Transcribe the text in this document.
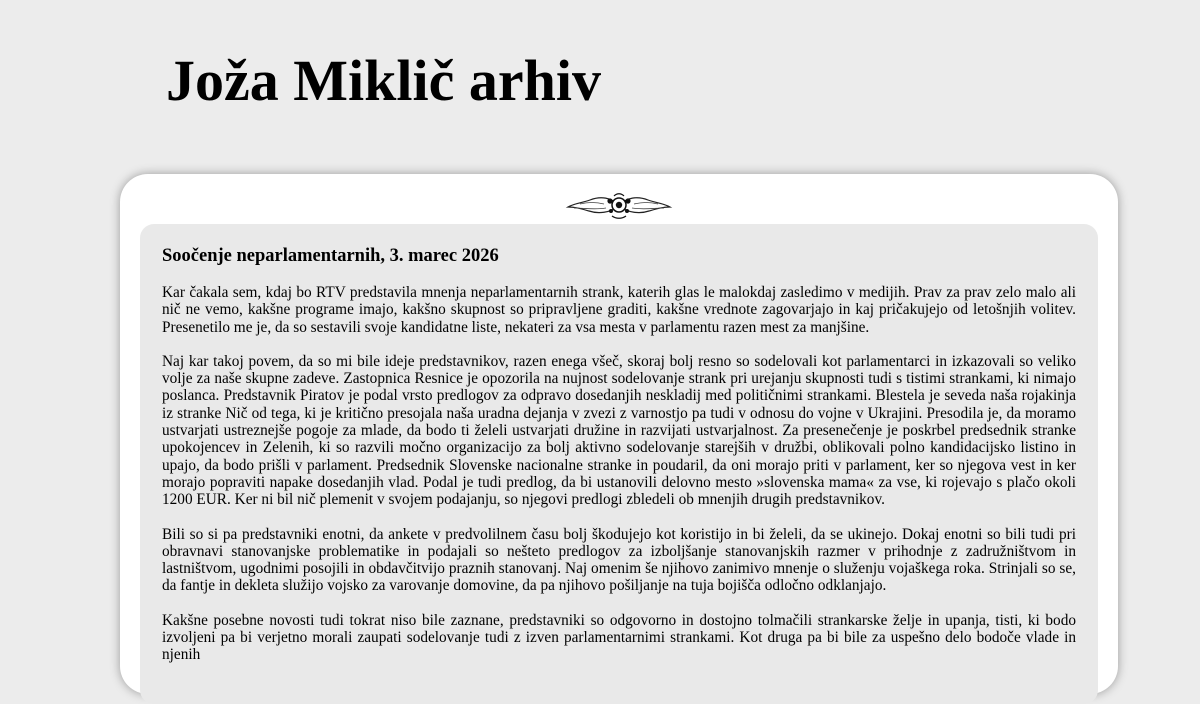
Joža Miklič arhiv
Soočenje neparlamentarnih, 3. marec 2026

Kar čakala sem, kdaj bo RTV predstavila mnenja neparlamentarnih strank, katerih glas le malokdaj zasledimo v medijih. Prav za prav zelo malo ali nič ne vemo, kakšne programe imajo, kakšno skupnost so pripravljene graditi, kakšne vrednote zagovarjajo in kaj pričakujejo od letošnjih volitev. Presenetilo me je, da so sestavili svoje kandidatne liste, nekateri za vsa mesta v parlamentu razen mest za manjšine.

Naj kar takoj povem, da so mi bile ideje predstavnikov, razen enega všeč, skoraj bolj resno so sodelovali kot parlamentarci in izkazovali so veliko volje za naše skupne zadeve. Zastopnica Resnice je opozorila na nujnost sodelovanje strank pri urejanju skupnosti tudi s tistimi strankami, ki nimajo poslanca. Predstavnik Piratov je podal vrsto predlogov za odpravo dosedanjih neskladij med političnimi strankami. Blestela je seveda naša rojakinja iz stranke Nič od tega, ki je kritično presojala naša uradna dejanja v zvezi z varnostjo pa tudi v odnosu do vojne v Ukrajini. Presodila je, da moramo ustvarjati ustreznejše pogoje za mlade, da bodo ti želeli ustvarjati družine in razvijati ustvarjalnost. Za presenečenje je poskrbel predsednik stranke upokojencev in Zelenih, ki so razvili močno organizacijo za bolj aktivno sodelovanje starejših v družbi, oblikovali polno kandidacijsko listino in upajo, da bodo prišli v parlament. Predsednik Slovenske nacionalne stranke in poudaril, da oni morajo priti v parlament, ker so njegova vest in ker morajo popraviti napake dosedanjih vlad. Podal je tudi predlog, da bi ustanovili delovno mesto »slovenska mama« za vse, ki rojevajo s plačo okoli 1200 EUR. Ker ni bil nič plemenit v svojem podajanju, so njegovi predlogi zbledeli ob mnenjih drugih predstavnikov.

Bili so si pa predstavniki enotni, da ankete v predvolilnem času bolj škodujejo kot koristijo in bi želeli, da se ukinejo. Dokaj enotni so bili tudi pri obravnavi stanovanjske problematike in podajali so nešteto predlogov za izboljšanje stanovanjskih razmer v prihodnje z zadružništvom in lastništvom, ugodnimi posojili in obdavčitvijo praznih stanovanj. Naj omenim še njihovo zanimivo mnenje o služenju vojaškega roka. Strinjali so se, da fantje in dekleta služijo vojsko za varovanje domovine, da pa njihovo pošiljanje na tuja bojišča odločno odklanjajo.

Kakšne posebne novosti tudi tokrat niso bile zaznane, predstavniki so odgovorno in dostojno tolmačili strankarske želje in upanja, tisti, ki bodo izvoljeni pa bi verjetno morali zaupati sodelovanje tudi z izven parlamentarnimi strankami. Kot druga pa bi bile za uspešno delo bodoče vlade in njenih
